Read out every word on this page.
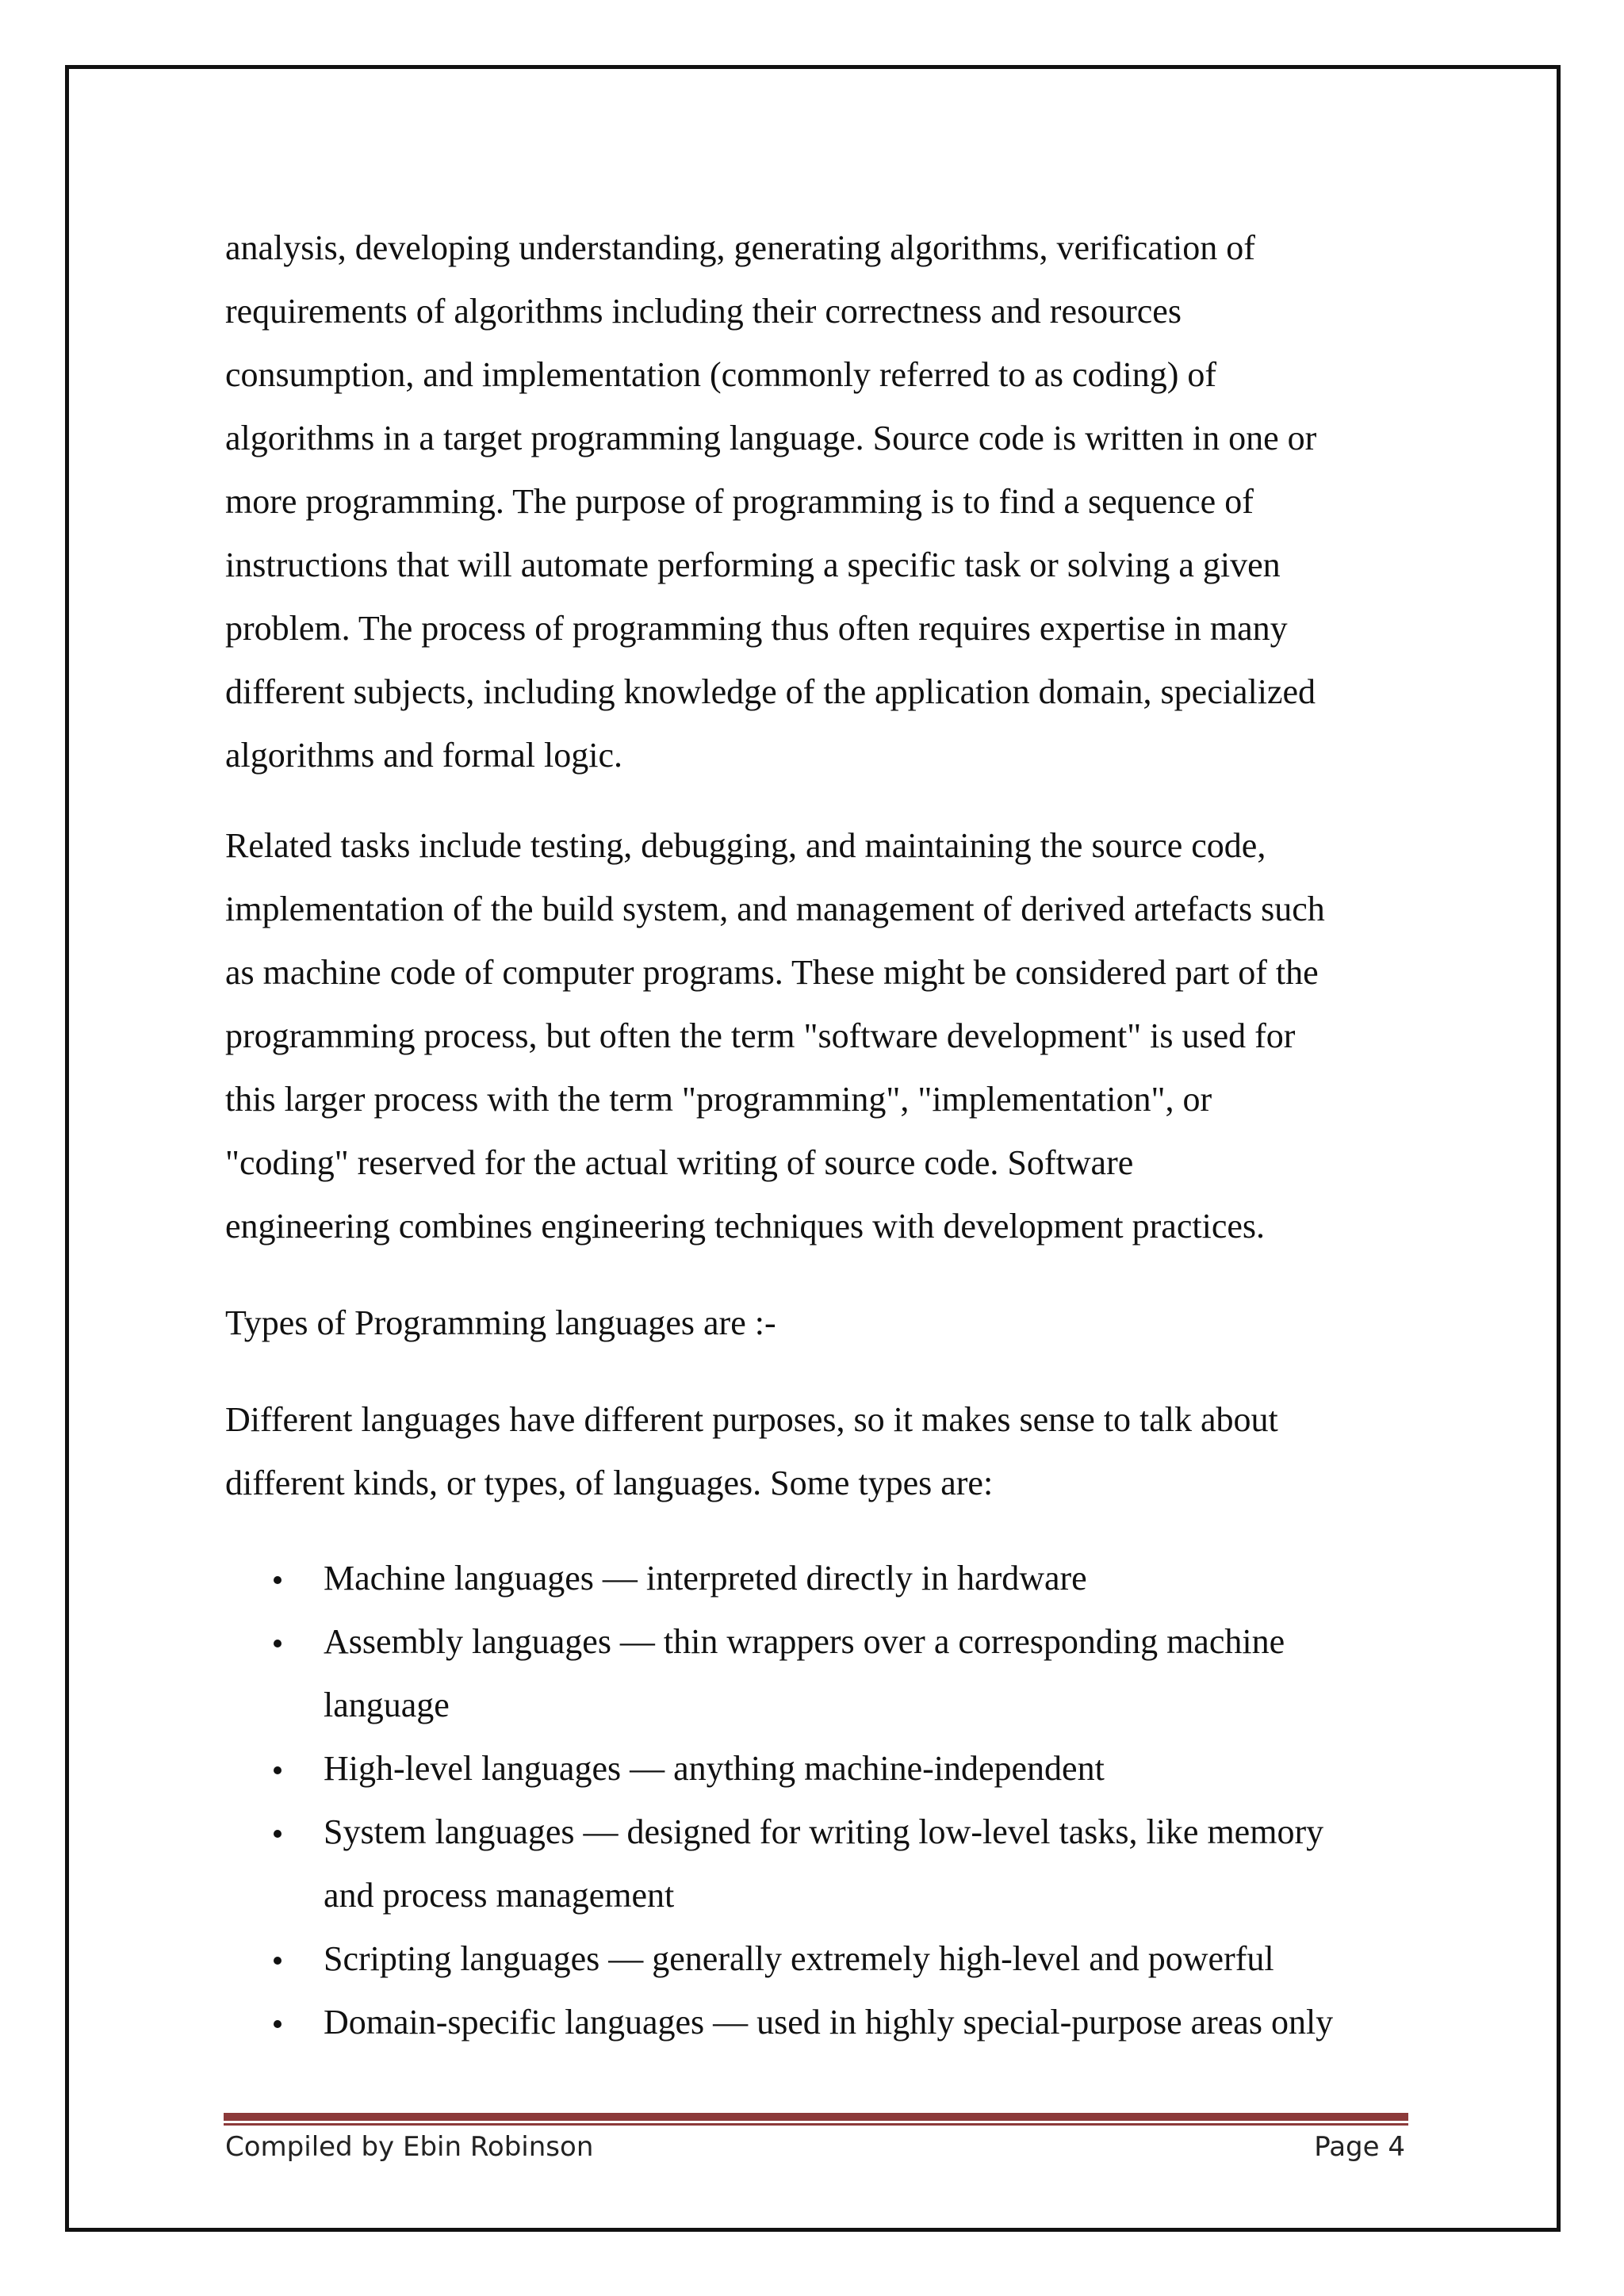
analysis, developing understanding, generating algorithms, verification of
requirements of algorithms including their correctness and resources
consumption, and implementation (commonly referred to as coding) of
algorithms in a target programming language. Source code is written in one or
more programming. The purpose of programming is to find a sequence of
instructions that will automate performing a specific task or solving a given
problem. The process of programming thus often requires expertise in many
different subjects, including knowledge of the application domain, specialized
algorithms and formal logic.

Related tasks include testing, debugging, and maintaining the source code,
implementation of the build system, and management of derived artefacts such
as machine code of computer programs. These might be considered part of the
programming process, but often the term "software development" is used for
this larger process with the term "programming", "implementation", or
"coding" reserved for the actual writing of source code. Software
engineering combines engineering techniques with development practices.

Types of Programming languages are :-

Different languages have different purposes, so it makes sense to talk about
different kinds, or types, of languages. Some types are:

Machine languages — interpreted directly in hardware
Assembly languages — thin wrappers over a corresponding machine
language
High-level languages — anything machine-independent
System languages — designed for writing low-level tasks, like memory
and process management
Scripting languages — generally extremely high-level and powerful
Domain-specific languages — used in highly special-purpose areas only
Compiled by Ebin Robinson	Page 4
